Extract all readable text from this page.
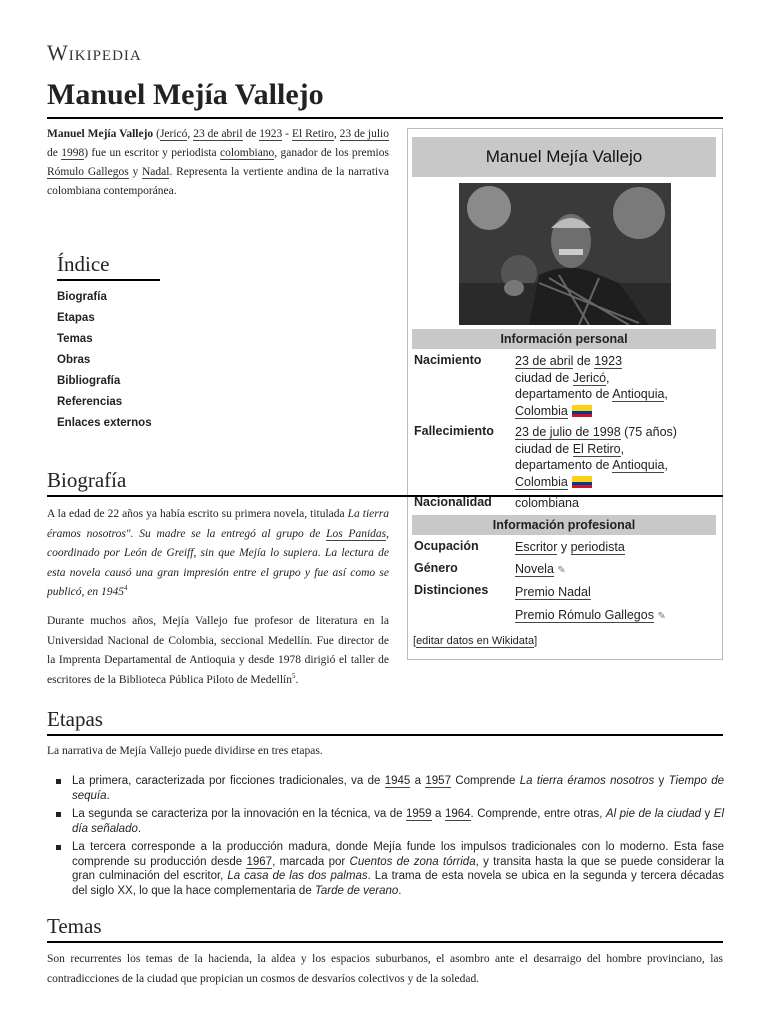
Wikipedia
Manuel Mejía Vallejo

Manuel Mejía Vallejo (Jericó, 23 de abril de 1923 - El Retiro, 23 de julio de 1998) fue un escritor y periodista colombiano, ganador de los premios Rómulo Gallegos y Nadal. Representa la vertiente andina de la narrativa colombiana contemporánea.

Índice
Biografía
Etapas
Temas
Obras
Bibliografía
Referencias
Enlaces externos
Manuel Mejía Vallejo
Información personal
Nacimiento	23 de abril de 1923
ciudad de Jericó,
departamento de Antioquia,
Colombia
Fallecimiento 23 de julio de 1998 (75 años)
ciudad de El Retiro,
departamento de Antioquia,
Colombia
Nacionalidad colombiana
Información profesional
Ocupación	Escritor y periodista
Género	Novela ✎
Distinciones Premio Nadal
Premio Rómulo Gallegos ✎
[editar datos en Wikidata]
Biografía

A la edad de 22 años ya había escrito su primera novela, titulada La tierra éramos nosotros". Su madre se la entregó al grupo de Los Panidas, coordinado por León de Greiff, sin que Mejía lo supiera. La lectura de esta novela causó una gran impresión entre el grupo y fue así como se publicó, en 1945$^4$

Durante muchos años, Mejía Vallejo fue profesor de literatura en la Universidad Nacional de Colombia, seccional Medellín. Fue director de la Imprenta Departamental de Antioquia y desde 1978 dirigió el taller de escritores de la Biblioteca Pública Piloto de Medellín$^5$.

Etapas

La narrativa de Mejía Vallejo puede dividirse en tres etapas.

La primera, caracterizada por ficciones tradicionales, va de 1945 a 1957 Comprende La tierra éramos nosotros y Tiempo de sequía.
La segunda se caracteriza por la innovación en la técnica, va de 1959 a 1964. Comprende, entre otras, Al pie de la ciudad y El día señalado.
La tercera corresponde a la producción madura, donde Mejía funde los impulsos tradicionales con lo moderno. Esta fase comprende su producción desde 1967, marcada por Cuentos de zona tórrida, y transita hasta la que se puede considerar la gran culminación del escritor, La casa de las dos palmas. La trama de esta novela se ubica en la segunda y tercera décadas del siglo XX, lo que la hace complementaria de Tarde de verano.
Temas

Son recurrentes los temas de la hacienda, la aldea y los espacios suburbanos, el asombro ante el desarraigo del hombre provinciano, las contradicciones de la ciudad que propician un cosmos de desvaríos colectivos y de la soledad.
